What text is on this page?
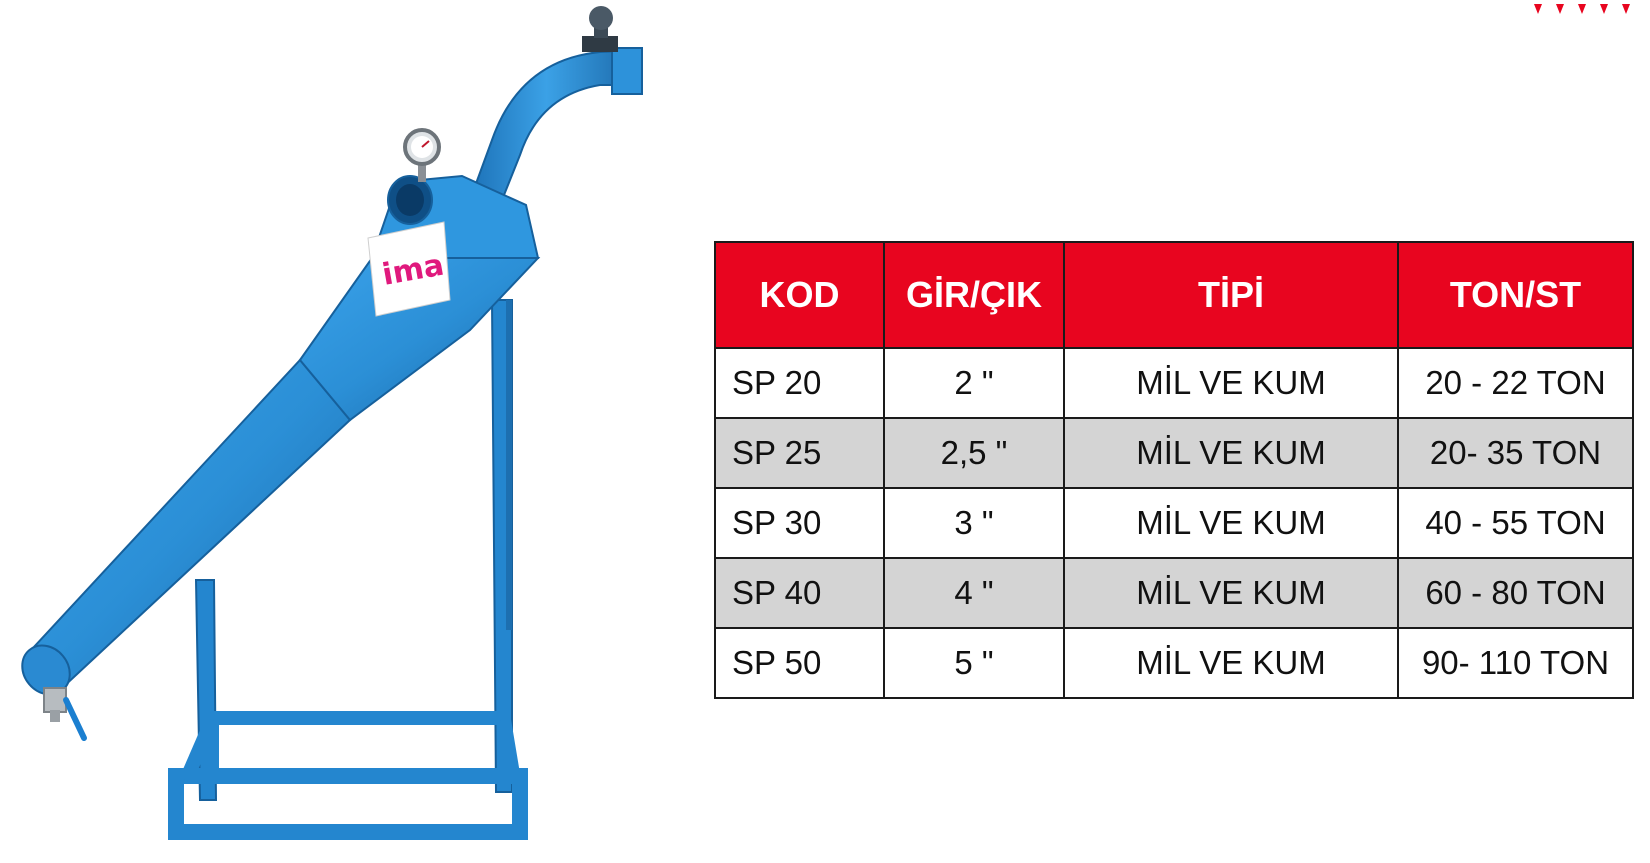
ima
KOD	GİR/ÇIK	TİPİ	TON/ST
SP 20	2 "	MİL VE KUM	20 - 22 TON
SP 25	2,5 "	MİL VE KUM	20- 35 TON
SP 30	3 "	MİL VE KUM	40 - 55 TON
SP 40	4 "	MİL VE KUM	60 - 80 TON
SP 50	5 "	MİL VE KUM	90- 110 TON
